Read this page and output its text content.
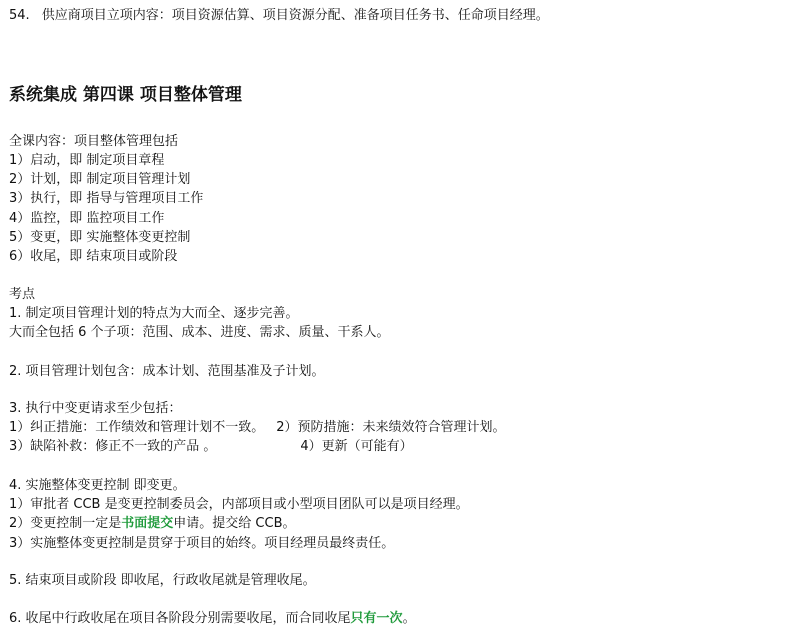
54. 供应商项目立项内容：项目资源估算、项目资源分配、准备项目任务书、任命项目经理。
系统集成 第四课 项目整体管理
全课内容：项目整体管理包括
1）启动，即 制定项目章程
2）计划，即 制定项目管理计划
3）执行，即 指导与管理项目工作
4）监控，即 监控项目工作
5）变更，即 实施整体变更控制
6）收尾，即 结束项目或阶段
考点
1. 制定项目管理计划的特点为大而全、逐步完善。
大而全包括 6 个子项：范围、成本、进度、需求、质量、干系人。
2. 项目管理计划包含：成本计划、范围基准及子计划。
3. 执行中变更请求至少包括：
1）纠正措施：工作绩效和管理计划不一致。 2）预防措施：未来绩效符合管理计划。
3）缺陷补救：修正不一致的产品 。	4）更新（可能有）
4. 实施整体变更控制 即变更。
1）审批者 CCB 是变更控制委员会，内部项目或小型项目团队可以是项目经理。
2）变更控制一定是书面提交申请。提交给 CCB。
3）实施整体变更控制是贯穿于项目的始终。项目经理员最终责任。
5. 结束项目或阶段 即收尾，行政收尾就是管理收尾。
6. 收尾中行政收尾在项目各阶段分别需要收尾，而合同收尾只有一次。
